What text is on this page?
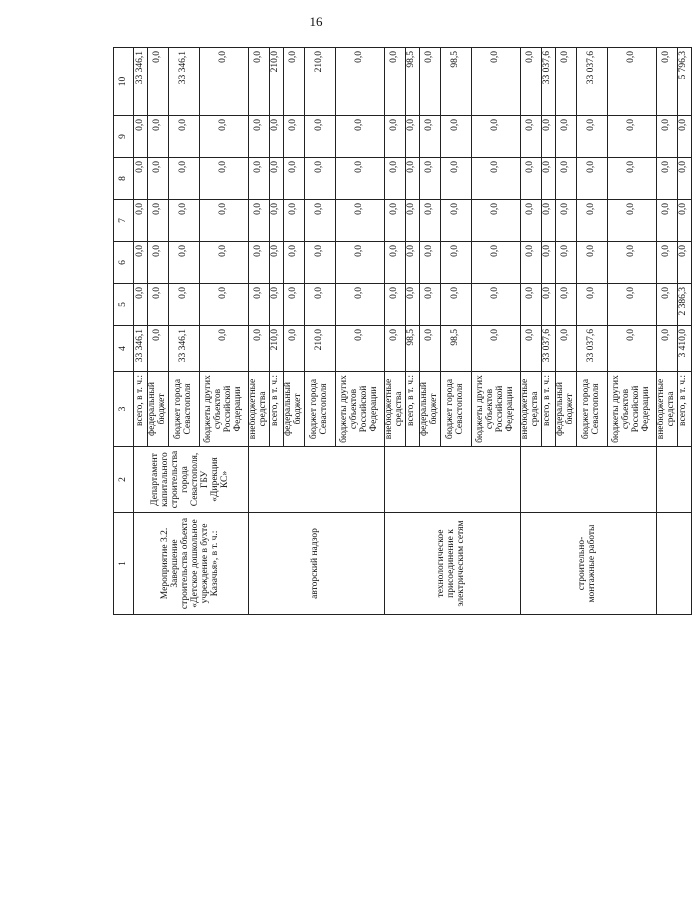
16
1	2	3	4	5	6	7	8	9	10
Мероприятие 3.2. Завершение строительства объекта «Детское дошкольное учреждение в бухте Казачья», в т. ч.:	Департамент капитального строительства города Севастополя, ГБУ «Дирекция КС»	всего, в т. ч.:	33 346,1	0,0	0,0	0,0	0,0	0,0	33 346,1
		федеральный бюджет	0,0	0,0	0,0	0,0	0,0	0,0	0,0
		бюджет города Севастополя	33 346,1	0,0	0,0	0,0	0,0	0,0	33 346,1
		бюджеты других субъектов Российской Федерации	0,0	0,0	0,0	0,0	0,0	0,0	0,0
авторский надзор		внебюджетные средства	0,0	0,0	0,0	0,0	0,0	0,0	0,0
		всего, в т. ч.:	210,0	0,0	0,0	0,0	0,0	0,0	210,0
		федеральный бюджет	0,0	0,0	0,0	0,0	0,0	0,0	0,0
		бюджет города Севастополя	210,0	0,0	0,0	0,0	0,0	0,0	210,0
		бюджеты других субъектов Российской Федерации	0,0	0,0	0,0	0,0	0,0	0,0	0,0
технологическое присоединение к электрическим сетям		внебюджетные средства	0,0	0,0	0,0	0,0	0,0	0,0	0,0
		всего, в т. ч.:	98,5	0,0	0,0	0,0	0,0	0,0	98,5
		федеральный бюджет	0,0	0,0	0,0	0,0	0,0	0,0	0,0
		бюджет города Севастополя	98,5	0,0	0,0	0,0	0,0	0,0	98,5
		бюджеты других субъектов Российской Федерации	0,0	0,0	0,0	0,0	0,0	0,0	0,0
строительно-монтажные работы		внебюджетные средства	0,0	0,0	0,0	0,0	0,0	0,0	0,0
		всего, в т. ч.:	33 037,6	0,0	0,0	0,0	0,0	0,0	33 037,6
		федеральный бюджет	0,0	0,0	0,0	0,0	0,0	0,0	0,0
		бюджет города Севастополя	33 037,6	0,0	0,0	0,0	0,0	0,0	33 037,6
		бюджеты других субъектов Российской Федерации	0,0	0,0	0,0	0,0	0,0	0,0	0,0
		внебюджетные средства	0,0	0,0	0,0	0,0	0,0	0,0	0,0
		всего, в т. ч.:	3 410,0	2 386,3	0,0	0,0	0,0	0,0	5 796,3
